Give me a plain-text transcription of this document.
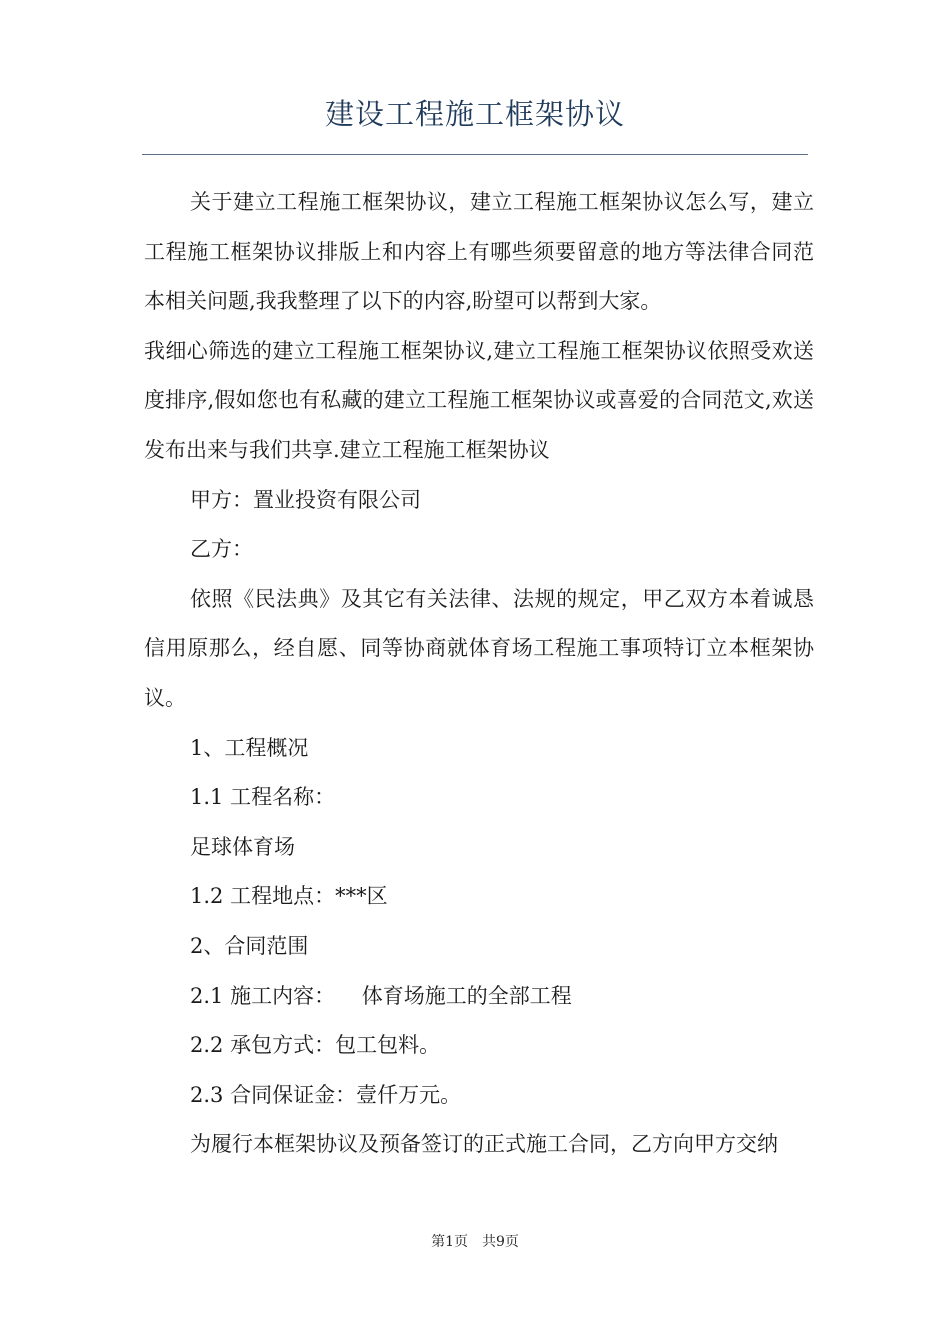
建设工程施工框架协议

关于建立工程施工框架协议，建立工程施工框架协议怎么写，建立工程施工框架协议排版上和内容上有哪些须要留意的地方等法律合同范本相关问题,我我整理了以下的内容,盼望可以帮到大家。

我细心筛选的建立工程施工框架协议,建立工程施工框架协议依照受欢送度排序,假如您也有私藏的建立工程施工框架协议或喜爱的合同范文,欢送发布出来与我们共享.建立工程施工框架协议

甲方：置业投资有限公司

乙方：

依照《民法典》及其它有关法律、法规的规定，甲乙双方本着诚恳信用原那么，经自愿、同等协商就体育场工程施工事项特订立本框架协议。

1、工程概况

1.1 工程名称：

足球体育场

1.2 工程地点：***区

2、合同范围

2.1 施工内容：    体育场施工的全部工程

2.2 承包方式：包工包料。

2.3 合同保证金：壹仟万元。

为履行本框架协议及预备签订的正式施工合同，乙方向甲方交纳

第1页 共9页
